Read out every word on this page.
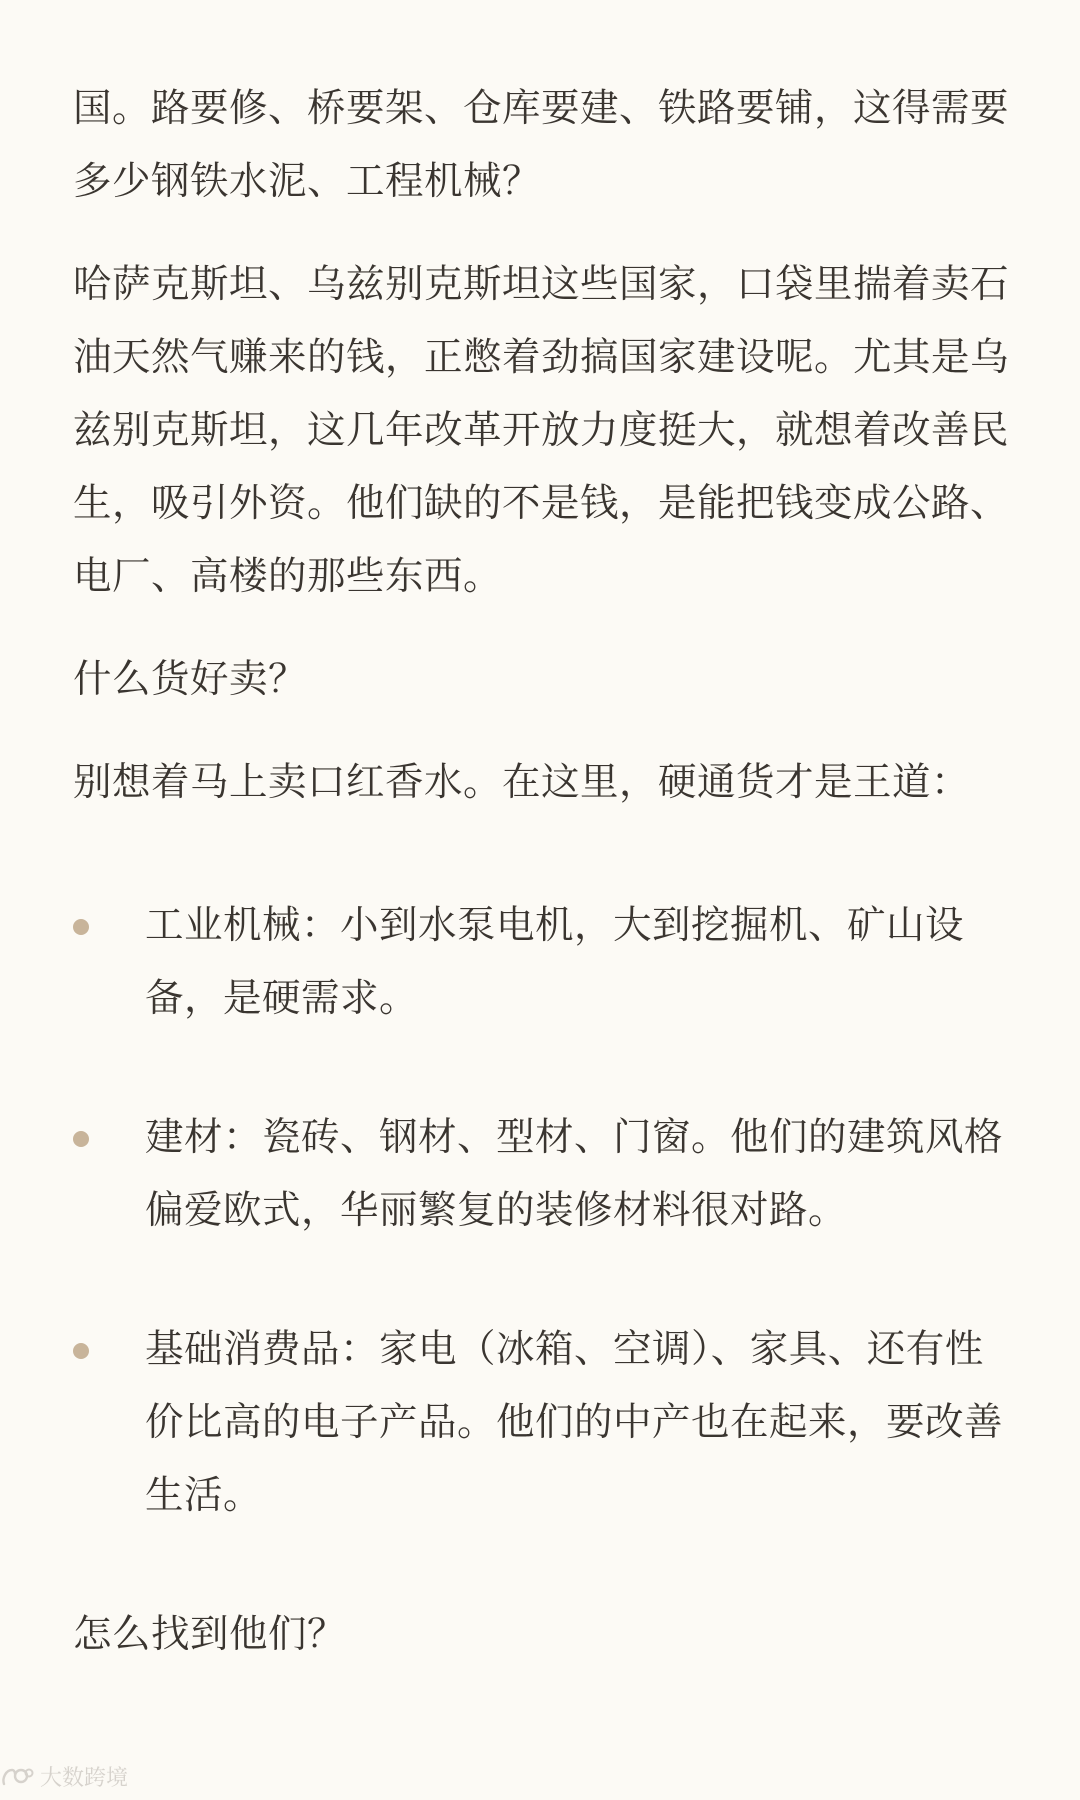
国。路要修、桥要架、仓库要建、铁路要铺，这得需要多少钢铁水泥、工程机械？

哈萨克斯坦、乌兹别克斯坦这些国家，口袋里揣着卖石油天然气赚来的钱，正憋着劲搞国家建设呢。尤其是乌兹别克斯坦，这几年改革开放力度挺大，就想着改善民生，吸引外资。他们缺的不是钱，是能把钱变成公路、电厂、高楼的那些东西。

什么货好卖？

别想着马上卖口红香水。在这里，硬通货才是王道：

工业机械：小到水泵电机，大到挖掘机、矿山设备，是硬需求。

建材：瓷砖、钢材、型材、门窗。他们的建筑风格偏爱欧式，华丽繁复的装修材料很对路。

基础消费品：家电（冰箱、空调）、家具、还有性价比高的电子产品。他们的中产也在起来，要改善生活。

怎么找到他们？

大数跨境
